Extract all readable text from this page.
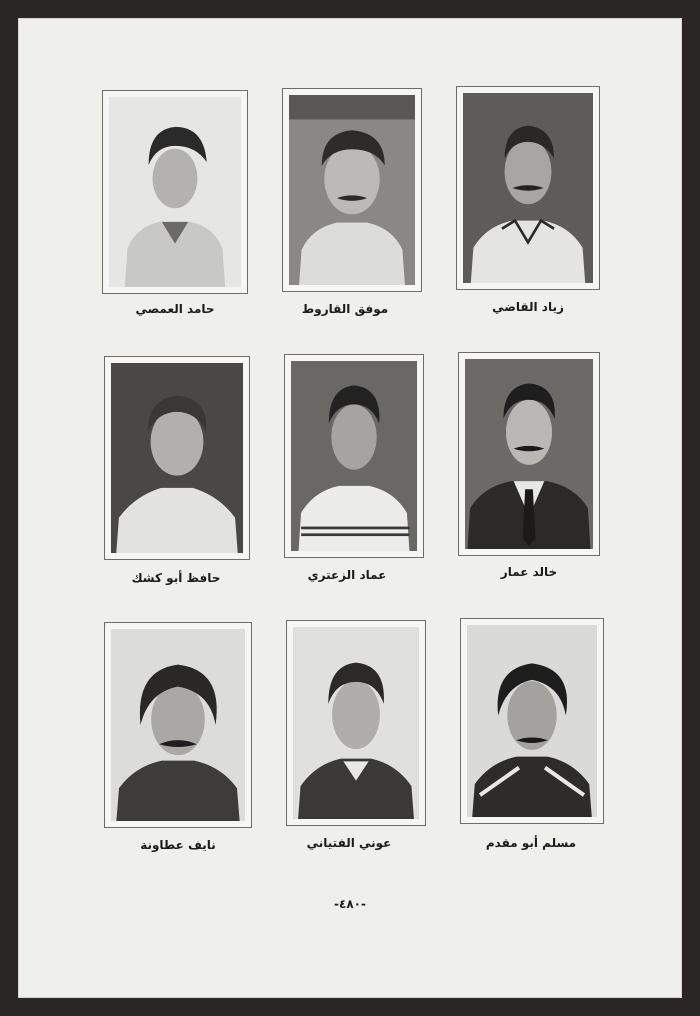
حامد العمصي	موفق القاروط	زياد القاضي
حافظ أبو كشك	عماد الزعتري	خالد عمار
نايف عطاونة	عوني الفتياني	مسلم أبو مقدم
-٤٨٠-
